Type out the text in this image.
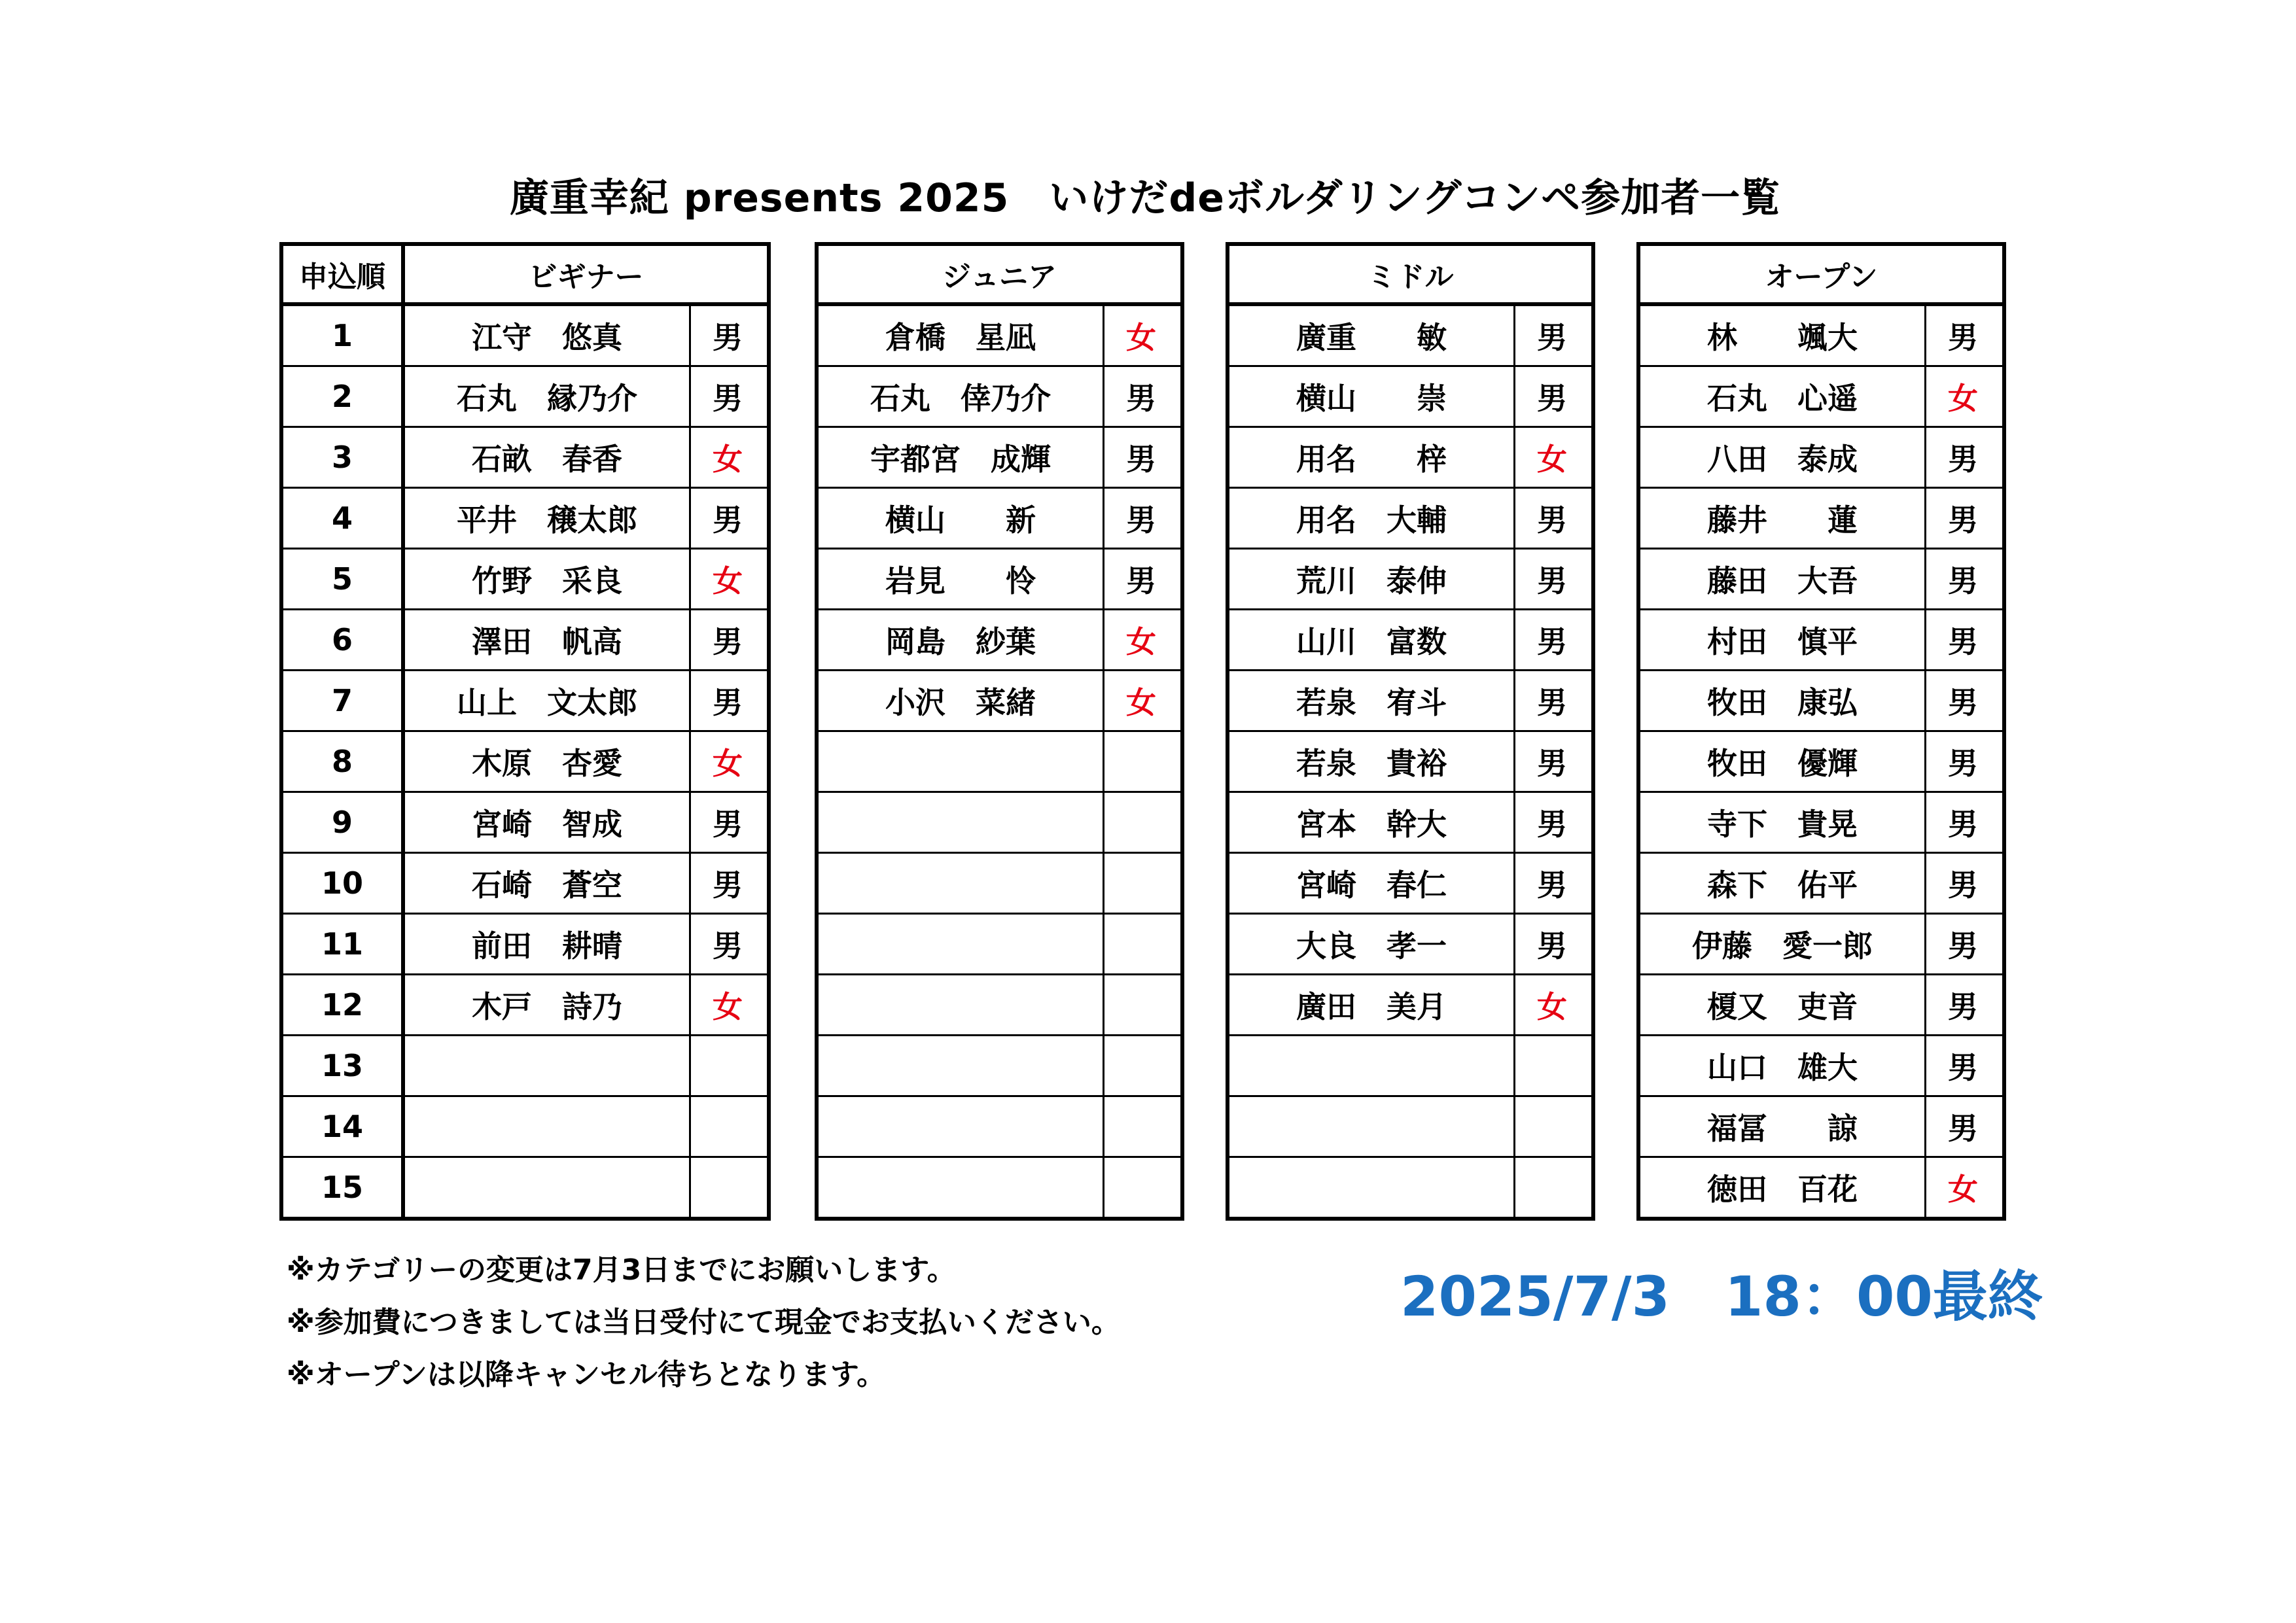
廣重幸紀 presents 2025　いけだdeボルダリングコンペ参加者一覧
申込順	ビギナー
1	江守　悠真	男
2	石丸　縁乃介	男
3	石畝　春香	女
4	平井　穣太郎	男
5	竹野　采良	女
6	澤田　帆高	男
7	山上　文太郎	男
8	木原　杏愛	女
9	宮崎　智成	男
10	石崎　蒼空	男
11	前田　耕晴	男
12	木戸　詩乃	女
13
14
15
ジュニア
倉橋　星凪	女
石丸　倖乃介	男
宇都宮　成輝	男
横山　　新	男
岩見　　怜	男
岡島　紗葉	女
小沢　菜緒	女
ミドル
廣重　　敏	男
横山　　崇	男
用名　　梓	女
用名　大輔	男
荒川　泰伸	男
山川　富数	男
若泉　宥斗	男
若泉　貴裕	男
宮本　幹大	男
宮崎　春仁	男
大良　孝一	男
廣田　美月	女
オープン
林　　颯大	男
石丸　心遥	女
八田　泰成	男
藤井　　蓮	男
藤田　大吾	男
村田　慎平	男
牧田　康弘	男
牧田　優輝	男
寺下　貴晃	男
森下　佑平	男
伊藤　愛一郎	男
榎又　吏音	男
山口　雄大	男
福冨　　諒	男
徳田　百花	女
※カテゴリーの変更は7月3日までにお願いします。
※参加費につきましては当日受付にて現金でお支払いください。
※オープンは以降キャンセル待ちとなります。
2025/7/3　18：00最終
